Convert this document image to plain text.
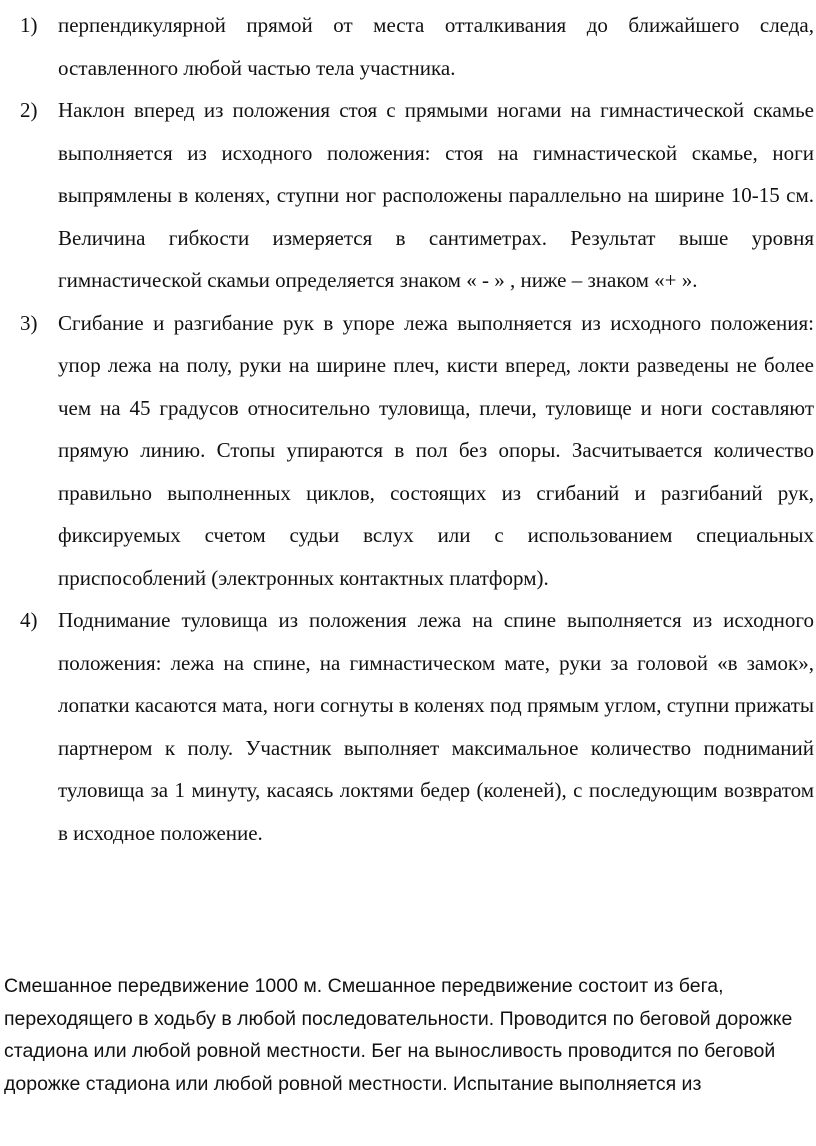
1) перпендикулярной прямой от места отталкивания до ближайшего следа, оставленного любой частью тела участника.
2) Наклон вперед из положения стоя с прямыми ногами на гимнастической скамье выполняется из исходного положения: стоя на гимнастической скамье, ноги выпрямлены в коленях, ступни ног расположены параллельно на ширине 10-15 см. Величина гибкости измеряется в сантиметрах. Результат выше уровня гимнастической скамьи определяется знаком « - » , ниже – знаком «+ ».
3) Сгибание и разгибание рук в упоре лежа выполняется из исходного положения: упор лежа на полу, руки на ширине плеч, кисти вперед, локти разведены не более чем на 45 градусов относительно туловища, плечи, туловище и ноги составляют прямую линию. Стопы упираются в пол без опоры. Засчитывается количество правильно выполненных циклов, состоящих из сгибаний и разгибаний рук, фиксируемых счетом судьи вслух или с использованием специальных приспособлений (электронных контактных платформ).
4) Поднимание туловища из положения лежа на спине выполняется из исходного положения: лежа на спине, на гимнастическом мате, руки за головой «в замок», лопатки касаются мата, ноги согнуты в коленях под прямым углом, ступни прижаты партнером к полу. Участник выполняет максимальное количество подниманий туловища за 1 минуту, касаясь локтями бедер (коленей), с последующим возвратом в исходное положение.
Смешанное передвижение 1000 м. Смешанное передвижение состоит из бега, переходящего в ходьбу в любой последовательности. Проводится по беговой дорожке стадиона или любой ровной местности. Бег на выносливость проводится по беговой дорожке стадиона или любой ровной местности. Испытание выполняется из
